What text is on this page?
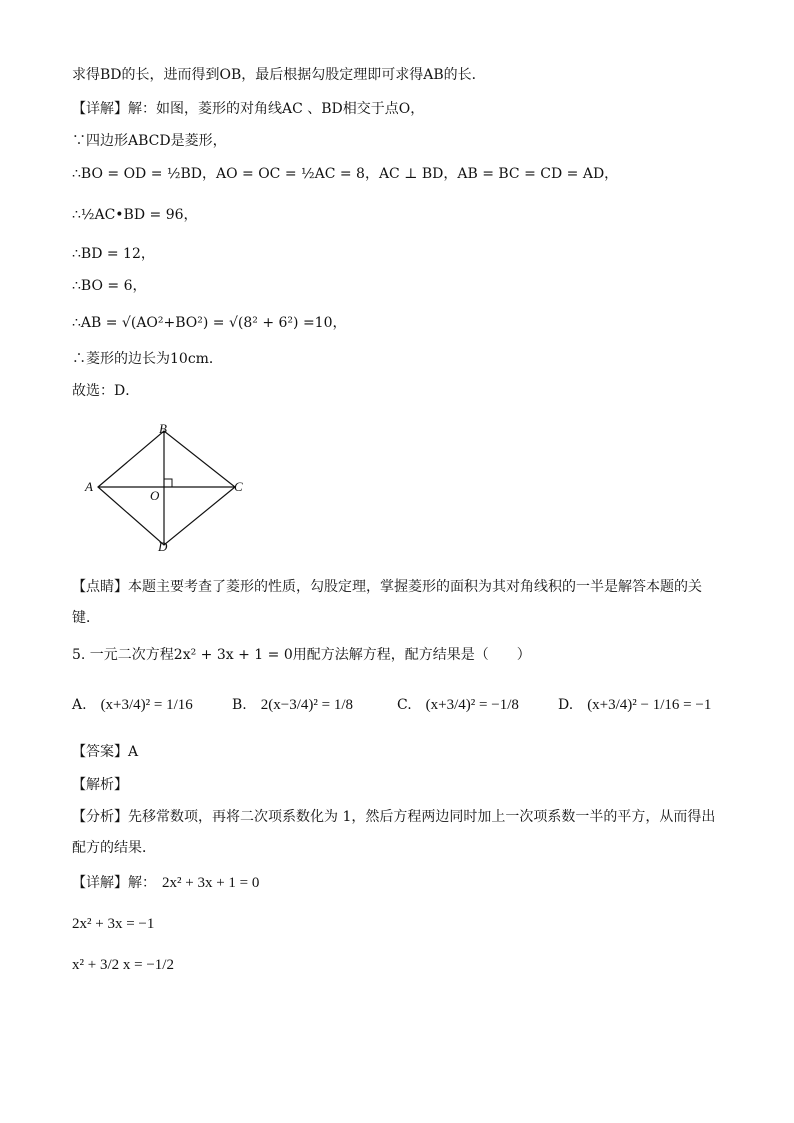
求得BD的长，进而得到OB，最后根据勾股定理即可求得AB的长．
【详解】解：如图，菱形的对角线AC 、BD相交于点O，
∵四边形ABCD是菱形，
∴BO = OD = ½BD，AO = OC = ½AC = 8，AC ⊥ BD，AB = BC = CD = AD，
∴½AC•BD = 96，
∴BD = 12，
∴BO = 6，
∴AB = √(AO²+BO²) = √(8² + 6²) =10，
∴菱形的边长为10cm．
故选：D．
B
A	C
O
D
【点睛】本题主要考查了菱形的性质，勾股定理，掌握菱形的面积为其对角线积的一半是解答本题的关
键．
5. 一元二次方程2x² + 3x + 1 = 0用配方法解方程，配方结果是（　　）
A. (x+3/4)² = 1/16	B. 2(x−3/4)² = 1/8	C. (x+3/4)² = −1/8	D. (x+3/4)² − 1/16 = −1
【答案】A
【解析】
【分析】先移常数项，再将二次项系数化为 1，然后方程两边同时加上一次项系数一半的平方，从而得出
配方的结果．
【详解】解： 2x² + 3x + 1 = 0
2x² + 3x = −1
x² + 3/2 x = −1/2
